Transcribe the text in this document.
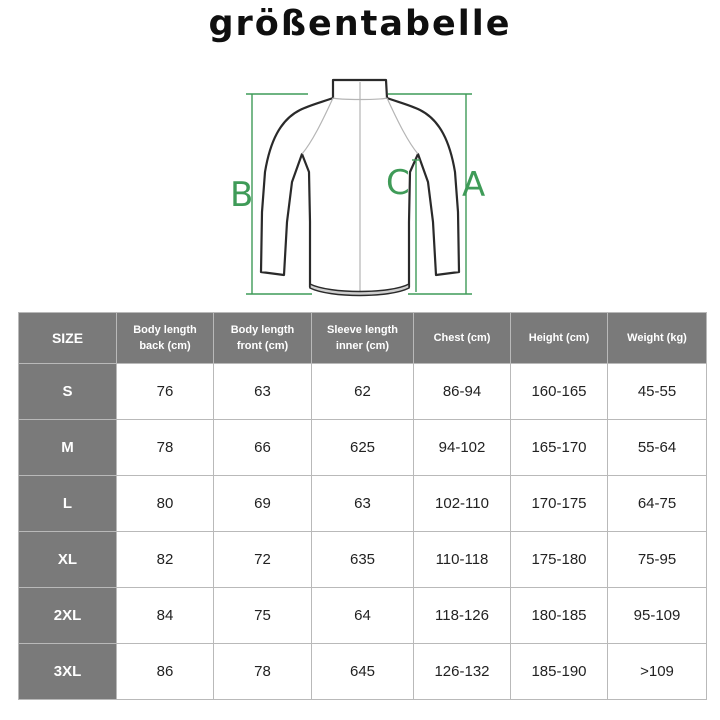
größentabelle
B	C A
SIZE	Body length back (cm)	Body length front (cm)	Sleeve length inner (cm)	Chest (cm)	Height (cm)	Weight (kg)
S	76	63	62	86-94	160-165	45-55
M	78	66	625	94-102	165-170	55-64
L	80	69	63	102-110	170-175	64-75
XL	82	72	635	110-118	175-180	75-95
2XL	84	75	64	118-126	180-185	95-109
3XL	86	78	645	126-132	185-190	>109
